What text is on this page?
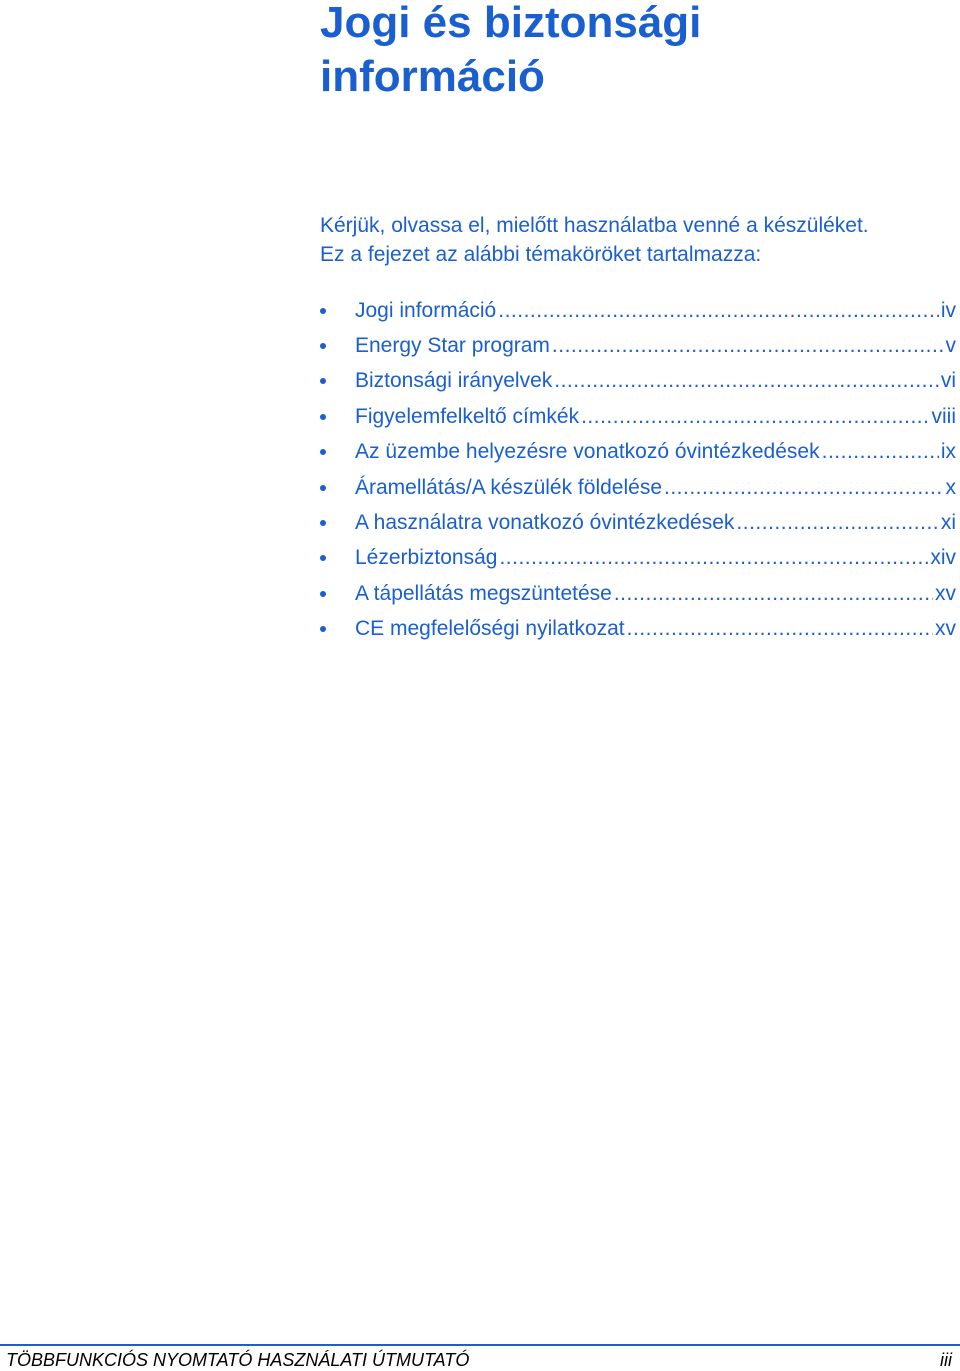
Jogi és biztonsági
információ
Kérjük, olvassa el, mielőtt használatba venné a készüléket.
Ez a fejezet az alábbi témaköröket tartalmazza:
Jogi információ .....	iv
Energy Star program .....	v
Biztonsági irányelvek .....	vi
Figyelemfelkeltő címkék .....	viii
Az üzembe helyezésre vonatkozó óvintézkedések .....	ix
Áramellátás/A készülék földelése .....	x
A használatra vonatkozó óvintézkedések .....	xi
Lézerbiztonság .....	xiv
A tápellátás megszüntetése .....	xv
CE megfelelőségi nyilatkozat .....	xv
TÖBBFUNKCIÓS NYOMTATÓ HASZNÁLATI ÚTMUTATÓ	iii
